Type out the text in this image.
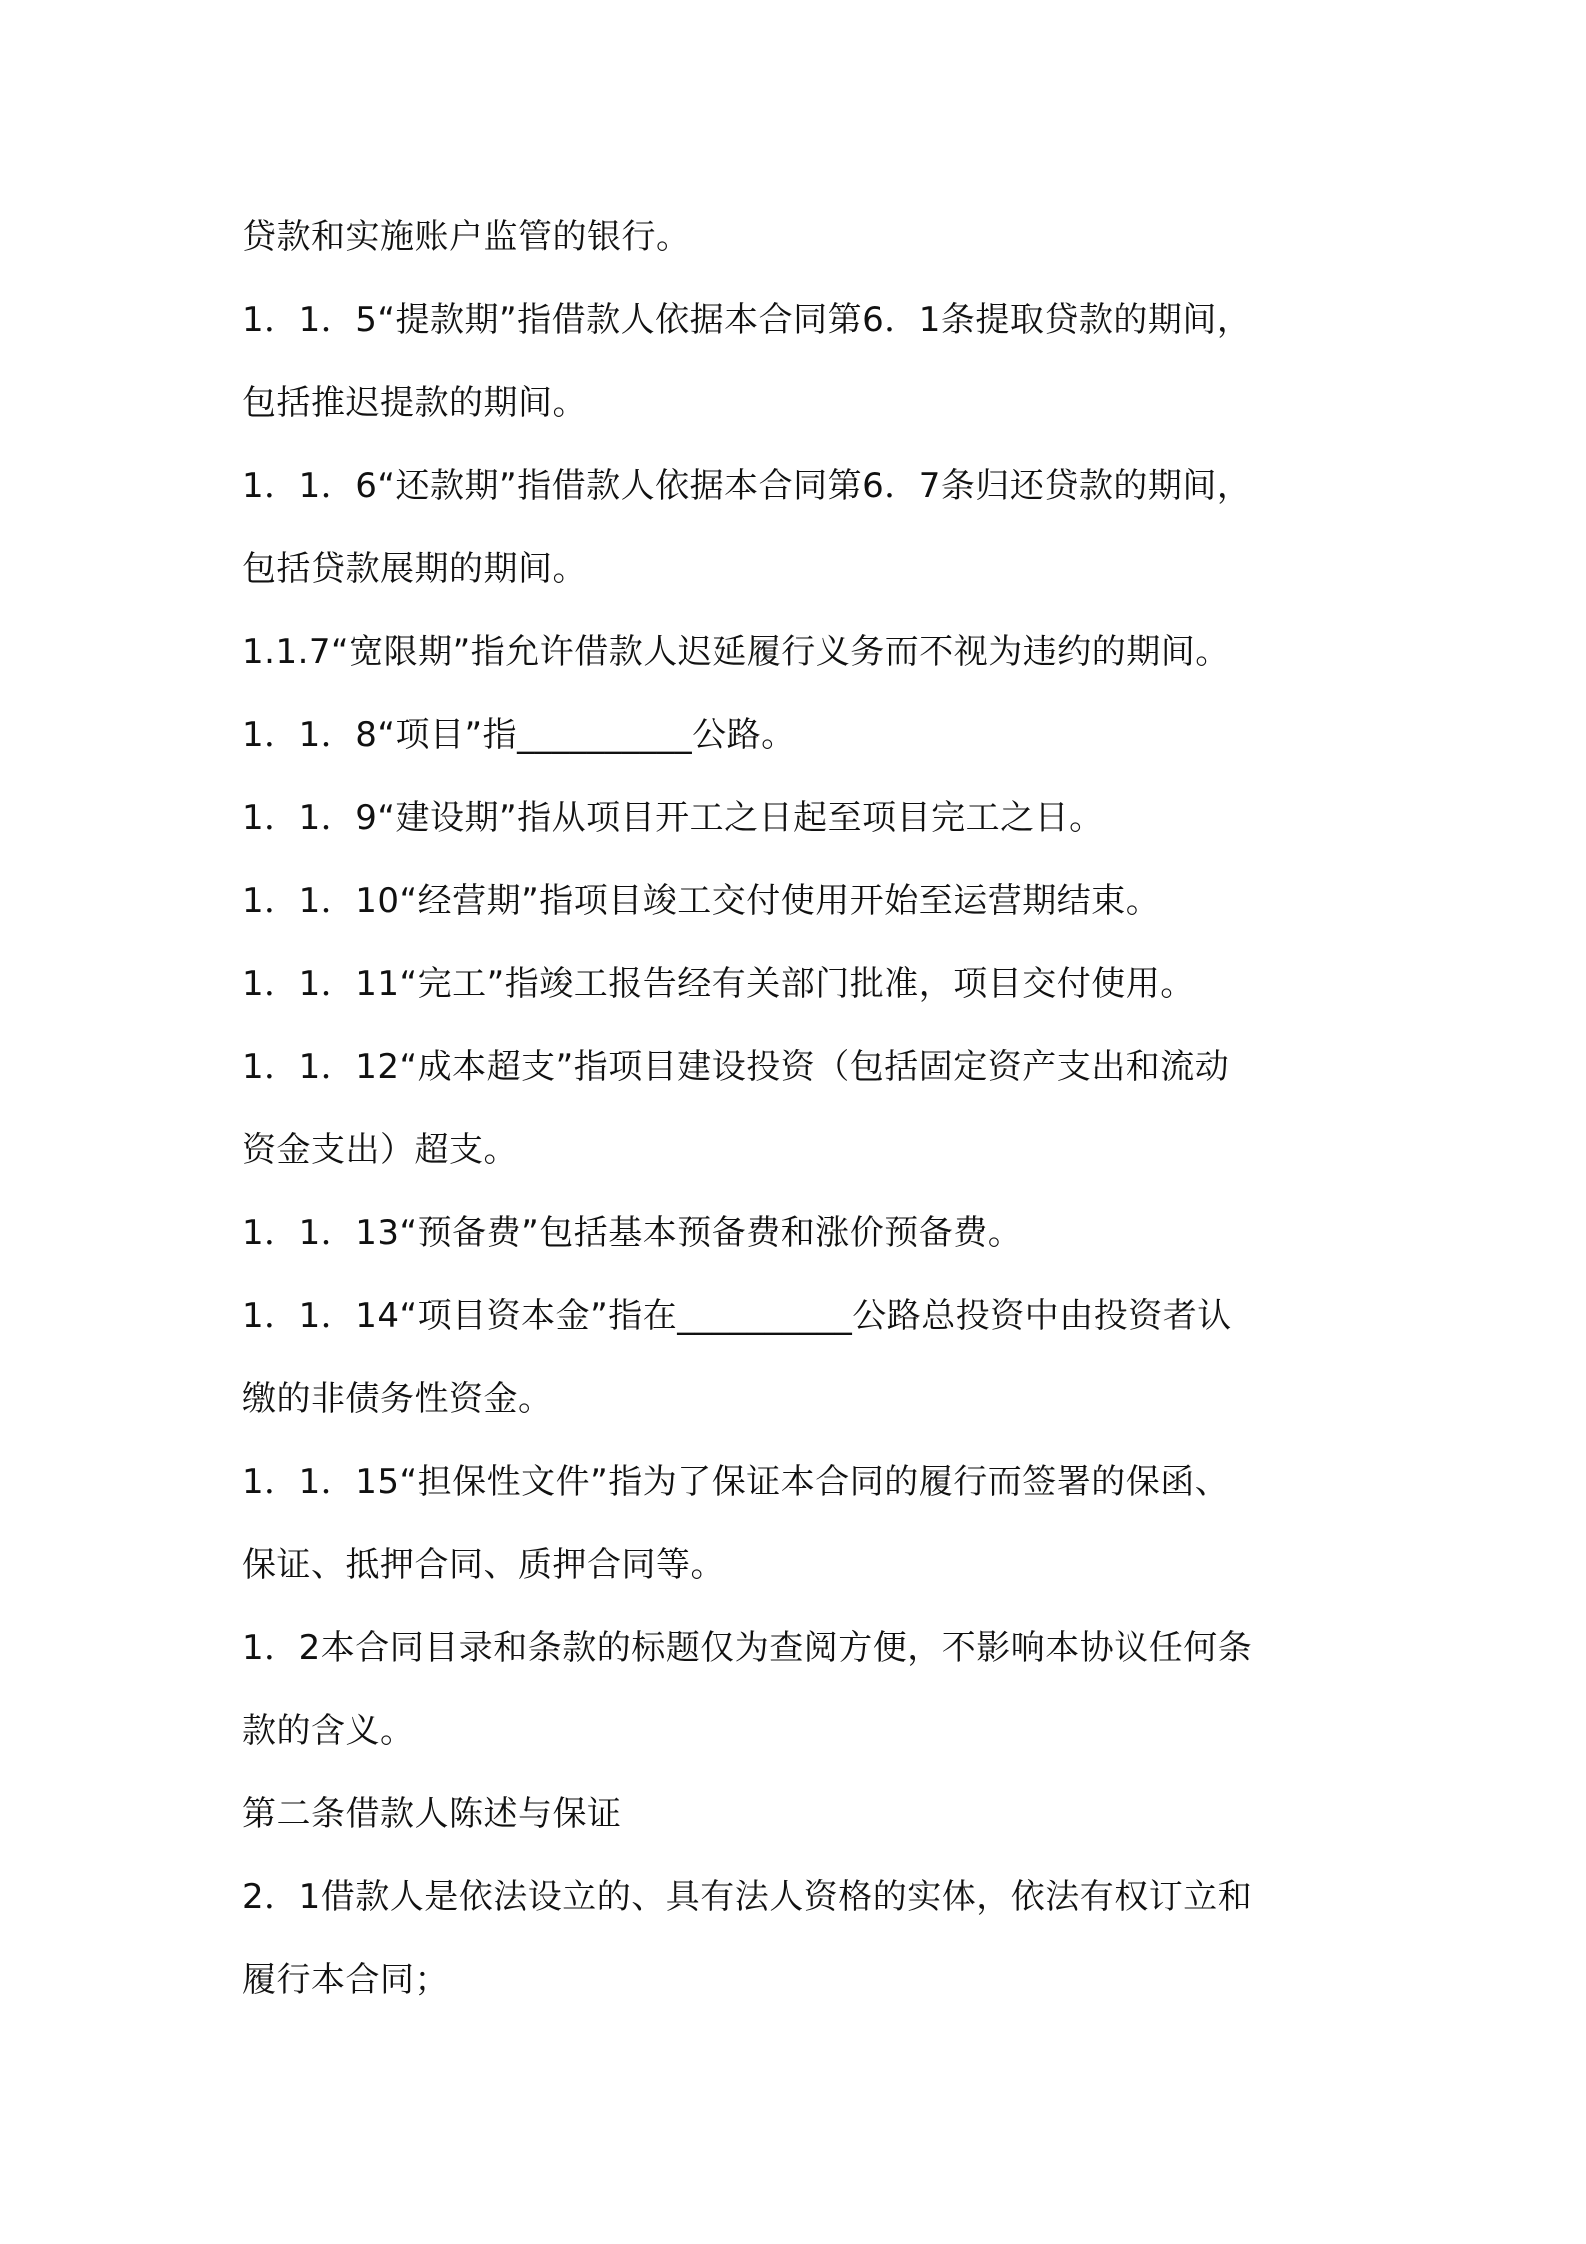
贷款和实施账户监管的银行。
1．1．5“提款期”指借款人依据本合同第6．1条提取贷款的期间，
包括推迟提款的期间。
1．1．6“还款期”指借款人依据本合同第6．7条归还贷款的期间，
包括贷款展期的期间。
1.1.7“宽限期”指允许借款人迟延履行义务而不视为违约的期间。
1．1．8“项目”指__________公路。
1．1．9“建设期”指从项目开工之日起至项目完工之日。
1．1．10“经营期”指项目竣工交付使用开始至运营期结束。
1．1．11“完工”指竣工报告经有关部门批准，项目交付使用。
1．1．12“成本超支”指项目建设投资（包括固定资产支出和流动
资金支出）超支。
1．1．13“预备费”包括基本预备费和涨价预备费。
1．1．14“项目资本金”指在__________公路总投资中由投资者认
缴的非债务性资金。
1．1．15“担保性文件”指为了保证本合同的履行而签署的保函、
保证、抵押合同、质押合同等。
1．2本合同目录和条款的标题仅为查阅方便，不影响本协议任何条
款的含义。
第二条借款人陈述与保证
2．1借款人是依法设立的、具有法人资格的实体，依法有权订立和
履行本合同；
